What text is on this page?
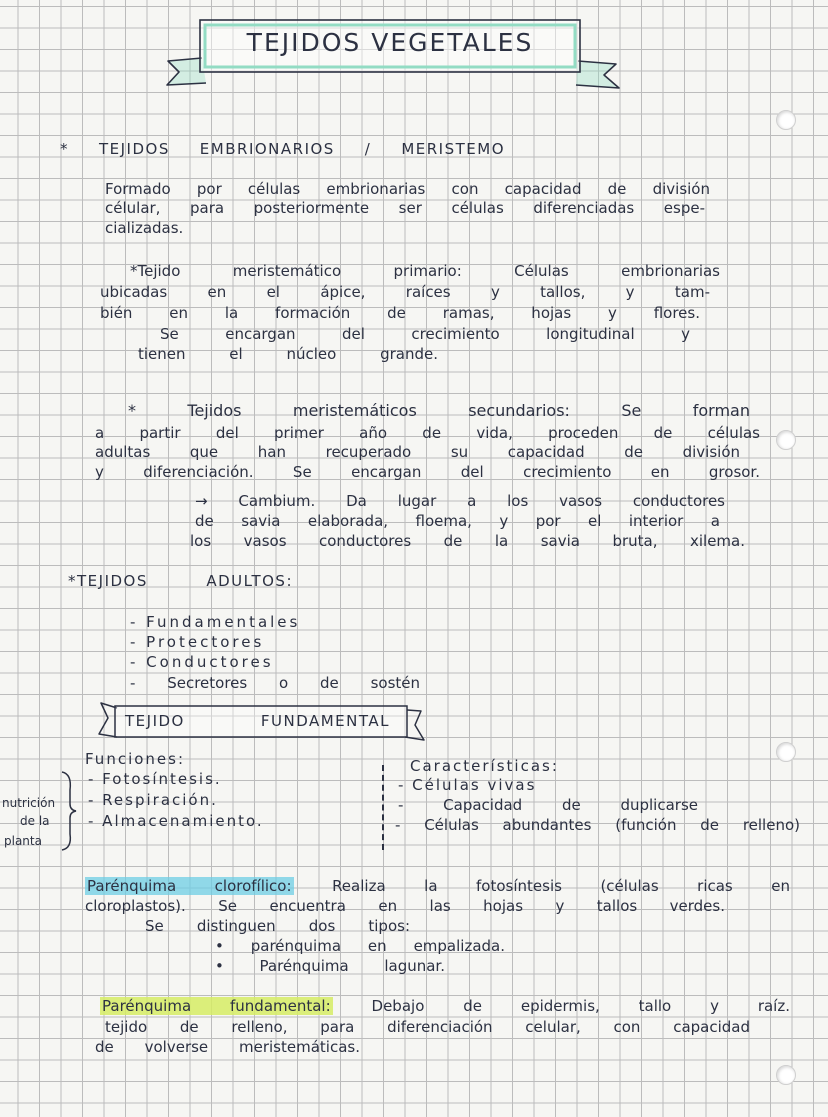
TEJIDOS VEGETALES
* TEJIDOS EMBRIONARIOS / MERISTEMO
Formado por células embrionarias con capacidad de división
célular, para posteriormente ser células diferenciadas espe-
cializadas.
*Tejido meristemático primario: Células embrionarias
ubicadas en el ápice, raíces y tallos, y tam-
bién en la formación de ramas, hojas y flores.
Se encargan del crecimiento longitudinal y
tienen el núcleo grande.
* Tejidos meristemáticos secundarios: Se forman
a partir del primer año de vida, proceden de células
adultas que han recuperado su capacidad de división
y diferenciación. Se encargan del crecimiento en grosor.
→ Cambium. Da lugar a los vasos conductores
de savia elaborada, floema, y por el interior a
los vasos conductores de la savia bruta, xilema.
*TEJIDOS ADULTOS:
- Fundamentales
- Protectores
- Conductores
- Secretores o de sostén
TEJIDO FUNDAMENTAL
Funciones:
- Fotosíntesis.
- Respiración.
- Almacenamiento.
nutrición
de la
planta
Características:
- Células vivas
- Capacidad de duplicarse
- Células abundantes (función de relleno)
Parénquima clorofílico:	Realiza la fotosíntesis (células ricas en
cloroplastos). Se encuentra en las hojas y tallos verdes.
Se distinguen dos tipos:
• parénquima en empalizada.
• Parénquima lagunar.
Parénquima fundamental:	Debajo de epidermis, tallo y raíz.
tejido de relleno, para diferenciación celular, con capacidad
de volverse meristemáticas.
